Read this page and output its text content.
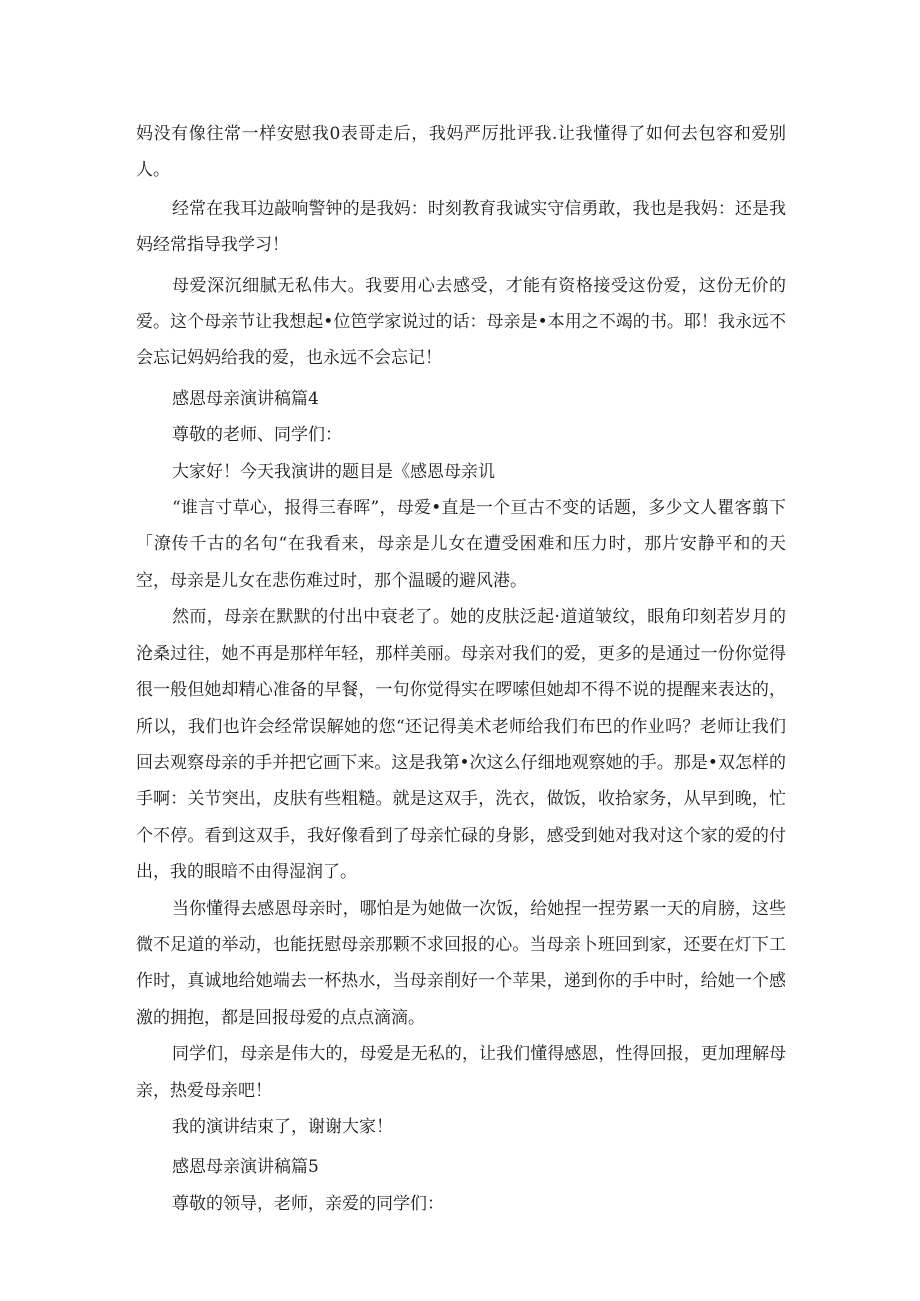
妈没有像往常一样安慰我0表哥走后，我妈严厉批评我.让我懂得了如何去包容和爱别人。

经常在我耳边敲响警钟的是我妈：时刻教育我诚实守信勇敢，我也是我妈：还是我妈经常指导我学习！

母爱深沉细腻无私伟大。我要用心去感受，才能有资格接受这份爱，这份无价的爱。这个母亲节让我想起•位笆学家说过的话：母亲是•本用之不竭的书。耶！我永远不会忘记妈妈给我的爱，也永远不会忘记！

感恩母亲演讲稿篇4

尊敬的老师、同学们：

大家好！今天我演讲的题目是《感恩母亲讥

“谁言寸草心，报得三春晖”，母爱•直是一个亘古不变的话题，多少文人瞿客翦下「潦传千古的名句“在我看来，母亲是儿女在遭受困难和压力时，那片安静平和的天空，母亲是儿女在悲伤难过时，那个温暖的避风港。

然而，母亲在默默的付出中衰老了。她的皮肤泛起·道道皱纹，眼角印刻若岁月的沧桑过往，她不再是那样年轻，那样美丽。母亲对我们的爱，更多的是通过一份你觉得很一般但她却精心准备的早餐，一句你觉得实在啰嗦但她却不得不说的提醒来表达的，所以，我们也许会经常误解她的您“还记得美术老师给我们布巴的作业吗？老师让我们回去观察母亲的手并把它画下来。这是我第•次这么仔细地观察她的手。那是•双怎样的手啊：关节突出，皮肤有些粗糙。就是这双手，洗衣，做饭，收拾家务，从早到晚，忙个不停。看到这双手，我好像看到了母亲忙碌的身影，感受到她对我对这个家的爱的付出，我的眼暗不由得湿润了。

当你懂得去感恩母亲时，哪怕是为她做一次饭，给她捏一捏劳累一天的肩膀，这些微不足道的举动，也能抚慰母亲那颗不求回报的心。当母亲卜班回到家，还要在灯下工作时，真诚地给她端去一杯热水，当母亲削好一个苹果，递到你的手中时，给她一个感激的拥抱，都是回报母爱的点点滴滴。

同学们，母亲是伟大的，母爱是无私的，让我们懂得感恩，性得回报，更加理解母亲，热爱母亲吧！

我的演讲结束了，谢谢大家！

感恩母亲演讲稿篇5

尊敬的领导，老师，亲爱的同学们：
